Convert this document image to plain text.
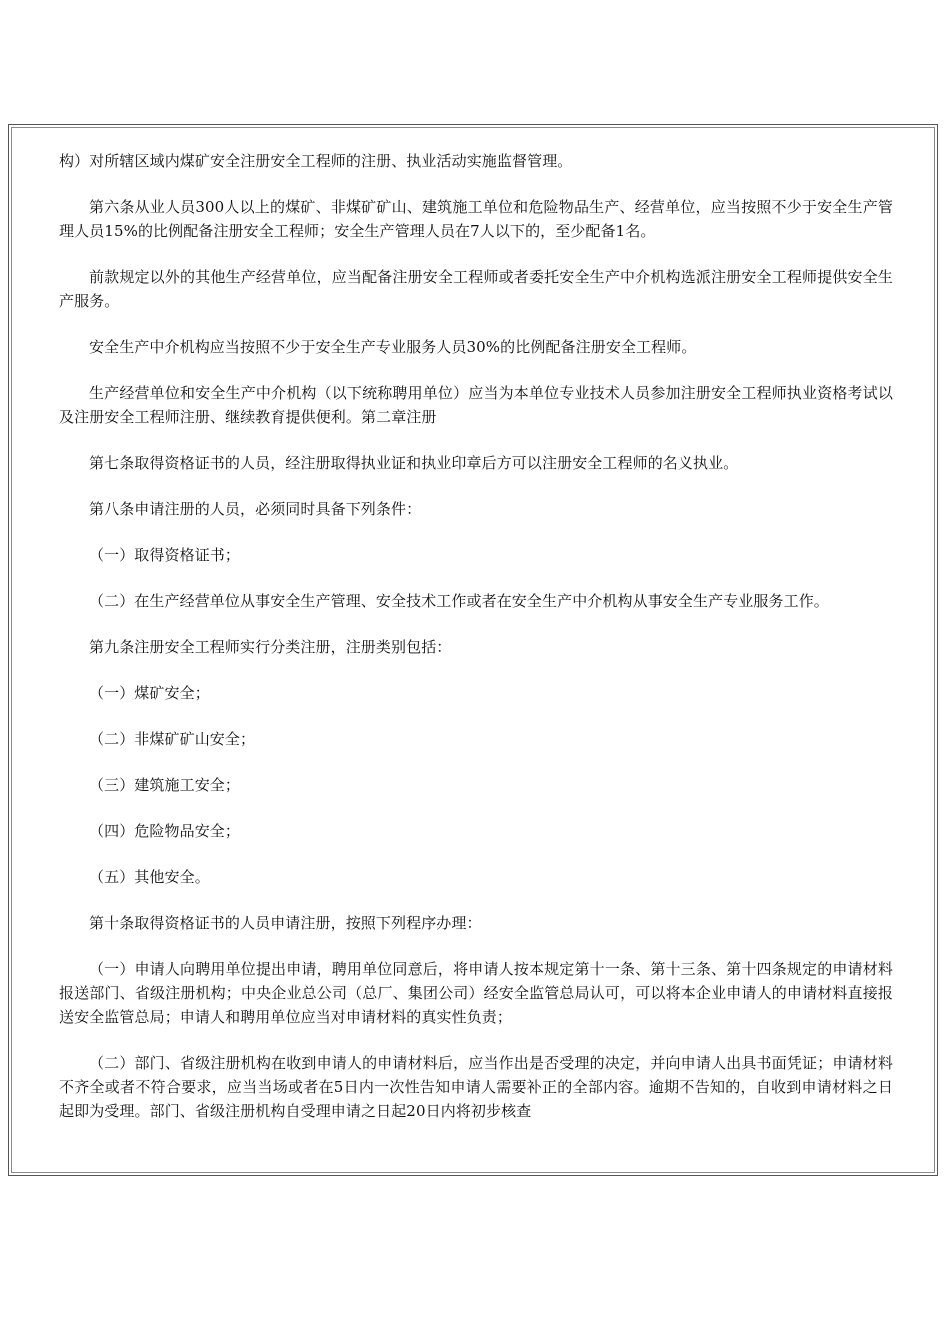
构）对所辖区域内煤矿安全注册安全工程师的注册、执业活动实施监督管理。

第六条从业人员300人以上的煤矿、非煤矿矿山、建筑施工单位和危险物品生产、经营单位，应当按照不少于安全生产管理人员15%的比例配备注册安全工程师；安全生产管理人员在7人以下的，至少配备1名。

前款规定以外的其他生产经营单位，应当配备注册安全工程师或者委托安全生产中介机构选派注册安全工程师提供安全生产服务。

安全生产中介机构应当按照不少于安全生产专业服务人员30%的比例配备注册安全工程师。

生产经营单位和安全生产中介机构（以下统称聘用单位）应当为本单位专业技术人员参加注册安全工程师执业资格考试以及注册安全工程师注册、继续教育提供便利。第二章注册

第七条取得资格证书的人员，经注册取得执业证和执业印章后方可以注册安全工程师的名义执业。

第八条申请注册的人员，必须同时具备下列条件：

（一）取得资格证书；

（二）在生产经营单位从事安全生产管理、安全技术工作或者在安全生产中介机构从事安全生产专业服务工作。

第九条注册安全工程师实行分类注册，注册类别包括：

（一）煤矿安全；

（二）非煤矿矿山安全；

（三）建筑施工安全；

（四）危险物品安全；

（五）其他安全。

第十条取得资格证书的人员申请注册，按照下列程序办理：

（一）申请人向聘用单位提出申请，聘用单位同意后，将申请人按本规定第十一条、第十三条、第十四条规定的申请材料报送部门、省级注册机构；中央企业总公司（总厂、集团公司）经安全监管总局认可，可以将本企业申请人的申请材料直接报送安全监管总局；申请人和聘用单位应当对申请材料的真实性负责；

（二）部门、省级注册机构在收到申请人的申请材料后，应当作出是否受理的决定，并向申请人出具书面凭证；申请材料不齐全或者不符合要求，应当当场或者在5日内一次性告知申请人需要补正的全部内容。逾期不告知的，自收到申请材料之日起即为受理。部门、省级注册机构自受理申请之日起20日内将初步核查
